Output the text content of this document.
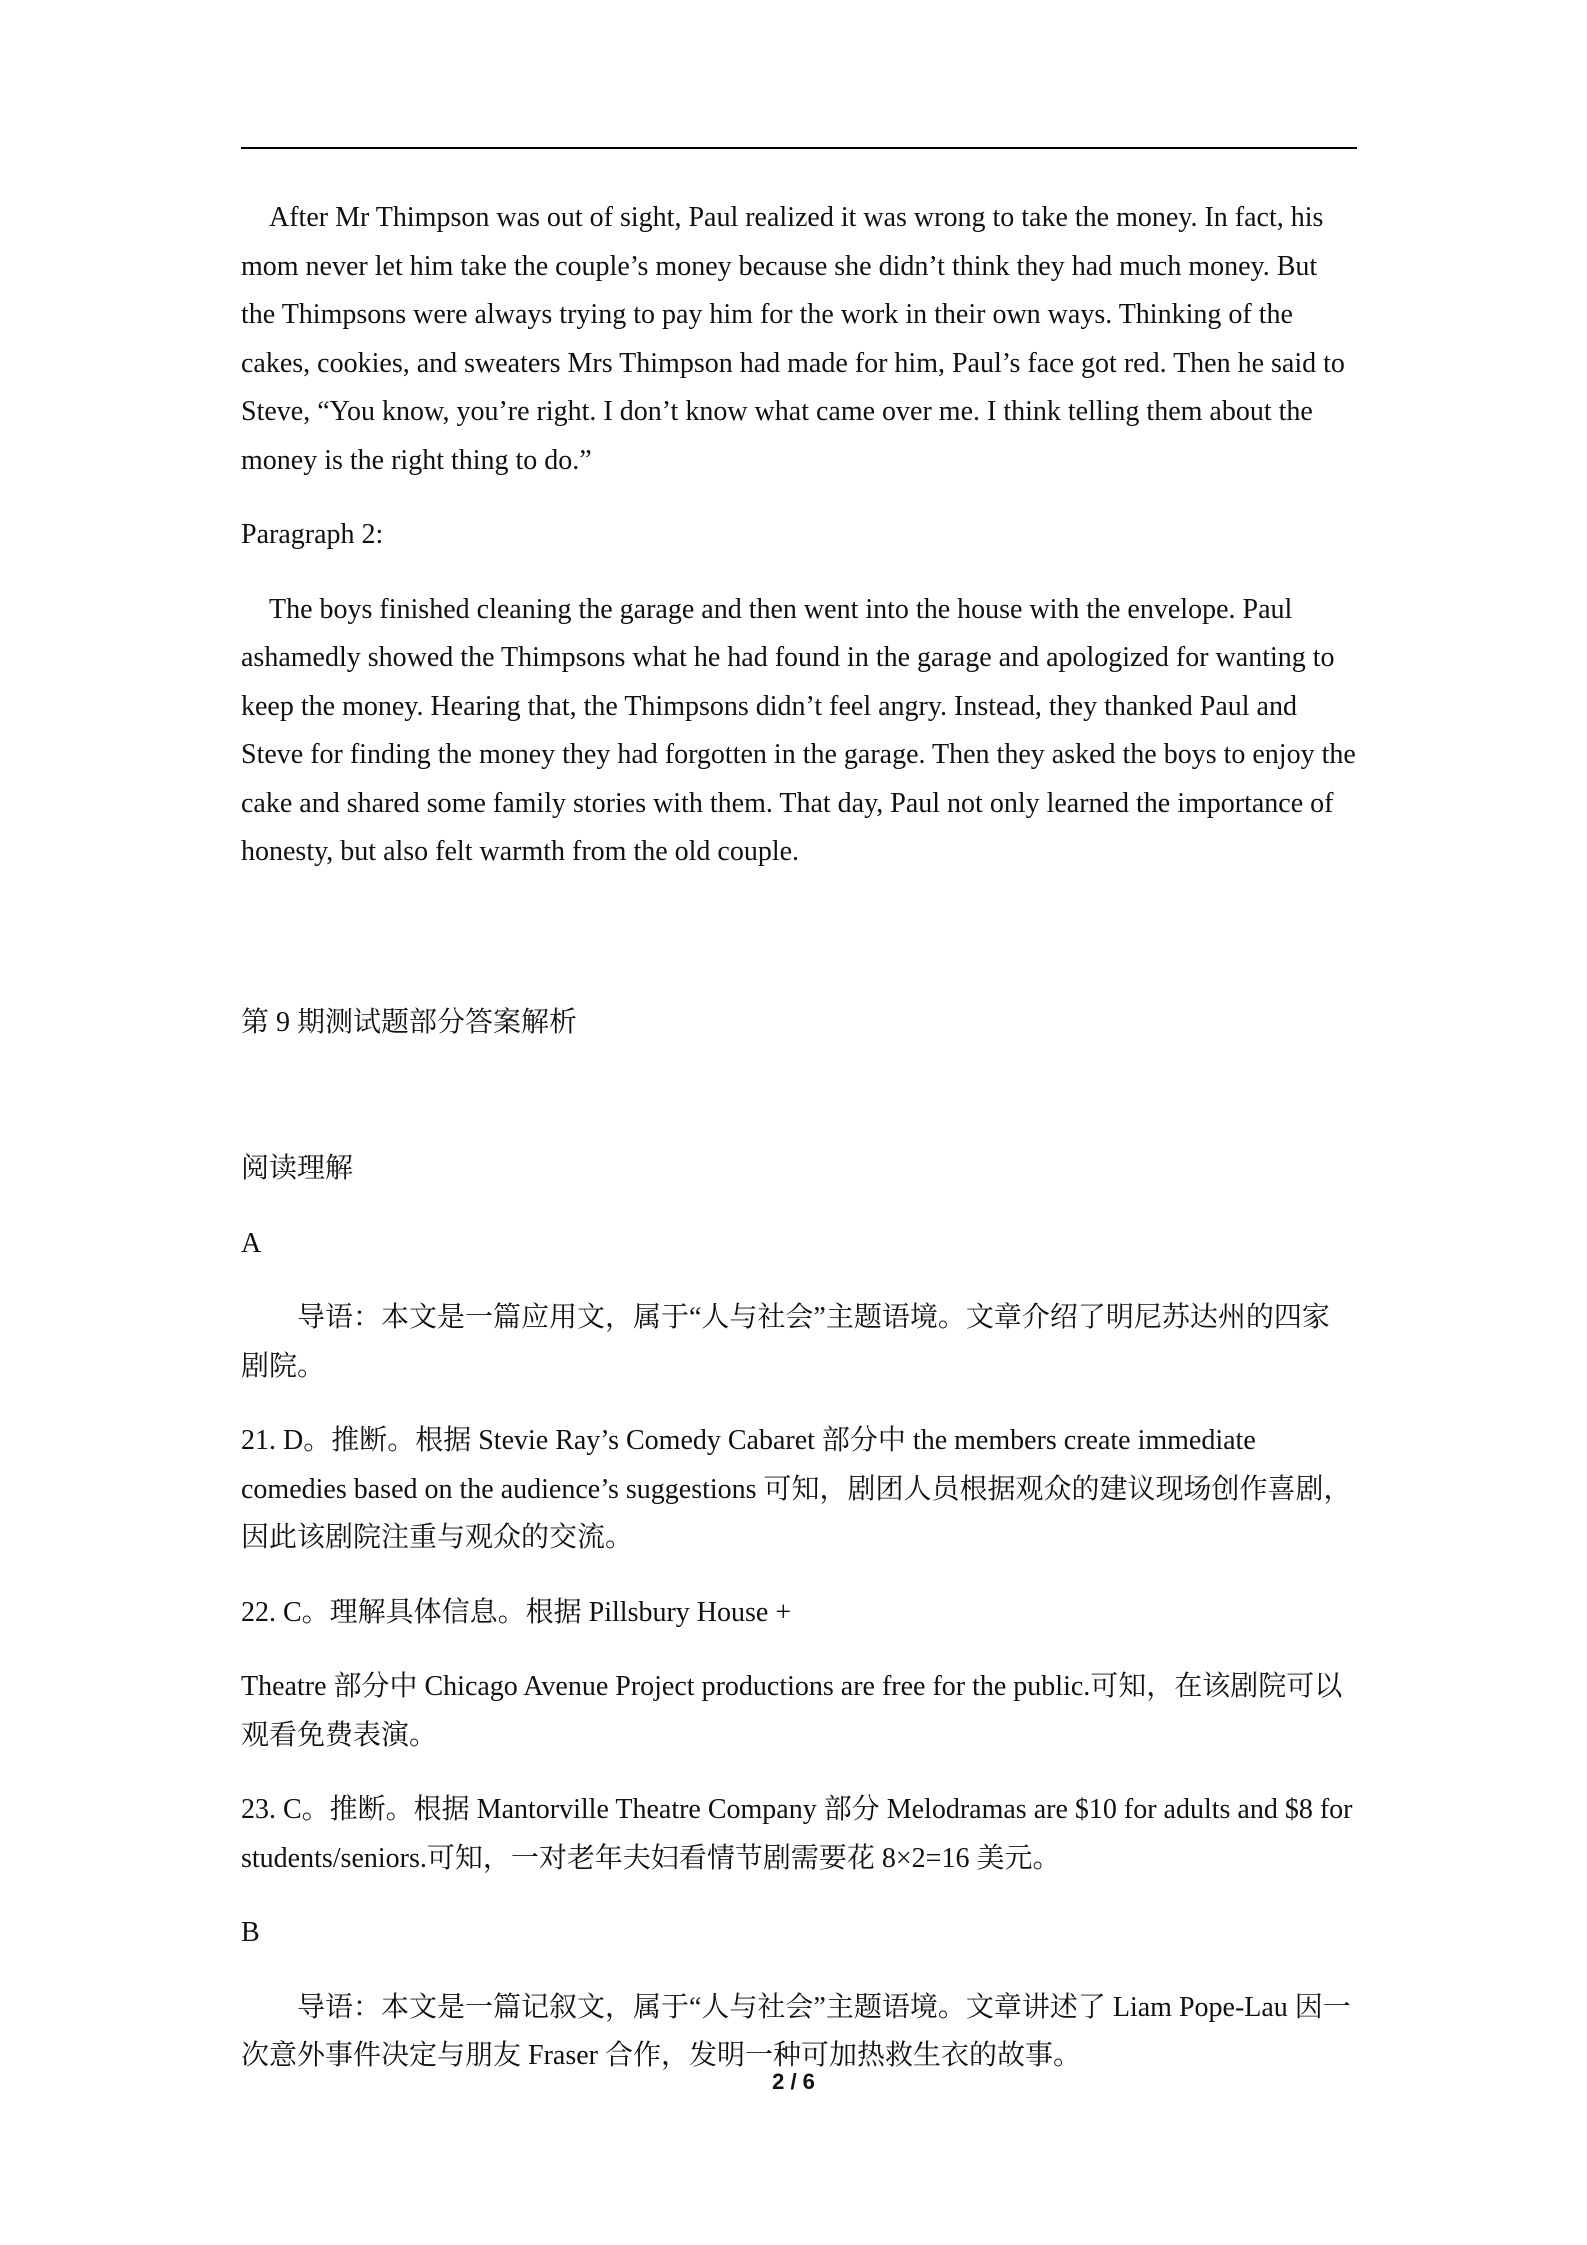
After Mr Thimpson was out of sight, Paul realized it was wrong to take the money. In fact, his mom never let him take the couple’s money because she didn’t think they had much money. But the Thimpsons were always trying to pay him for the work in their own ways. Thinking of the cakes, cookies, and sweaters Mrs Thimpson had made for him, Paul’s face got red. Then he said to Steve, “You know, you’re right. I don’t know what came over me. I think telling them about the money is the right thing to do.”

Paragraph 2:

The boys finished cleaning the garage and then went into the house with the envelope. Paul ashamedly showed the Thimpsons what he had found in the garage and apologized for wanting to keep the money. Hearing that, the Thimpsons didn’t feel angry. Instead, they thanked Paul and Steve for finding the money they had forgotten in the garage. Then they asked the boys to enjoy the cake and shared some family stories with them. That day, Paul not only learned the importance of honesty, but also felt warmth from the old couple.

第 9 期测试题部分答案解析

阅读理解

A

导语：本文是一篇应用文，属于“人与社会”主题语境。文章介绍了明尼苏达州的四家剧院。

21. D。推断。根据 Stevie Ray’s Comedy Cabaret 部分中 the members create immediate comedies based on the audience’s suggestions 可知，剧团人员根据观众的建议现场创作喜剧，因此该剧院注重与观众的交流。

22. C。理解具体信息。根据 Pillsbury House +

Theatre 部分中 Chicago Avenue Project productions are free for the public.可知，在该剧院可以观看免费表演。

23. C。推断。根据 Mantorville Theatre Company 部分 Melodramas are $10 for adults and $8 for students/seniors.可知，一对老年夫妇看情节剧需要花 8×2=16 美元。

B

导语：本文是一篇记叙文，属于“人与社会”主题语境。文章讲述了 Liam Pope-Lau 因一次意外事件决定与朋友 Fraser 合作，发明一种可加热救生衣的故事。

2 / 6
